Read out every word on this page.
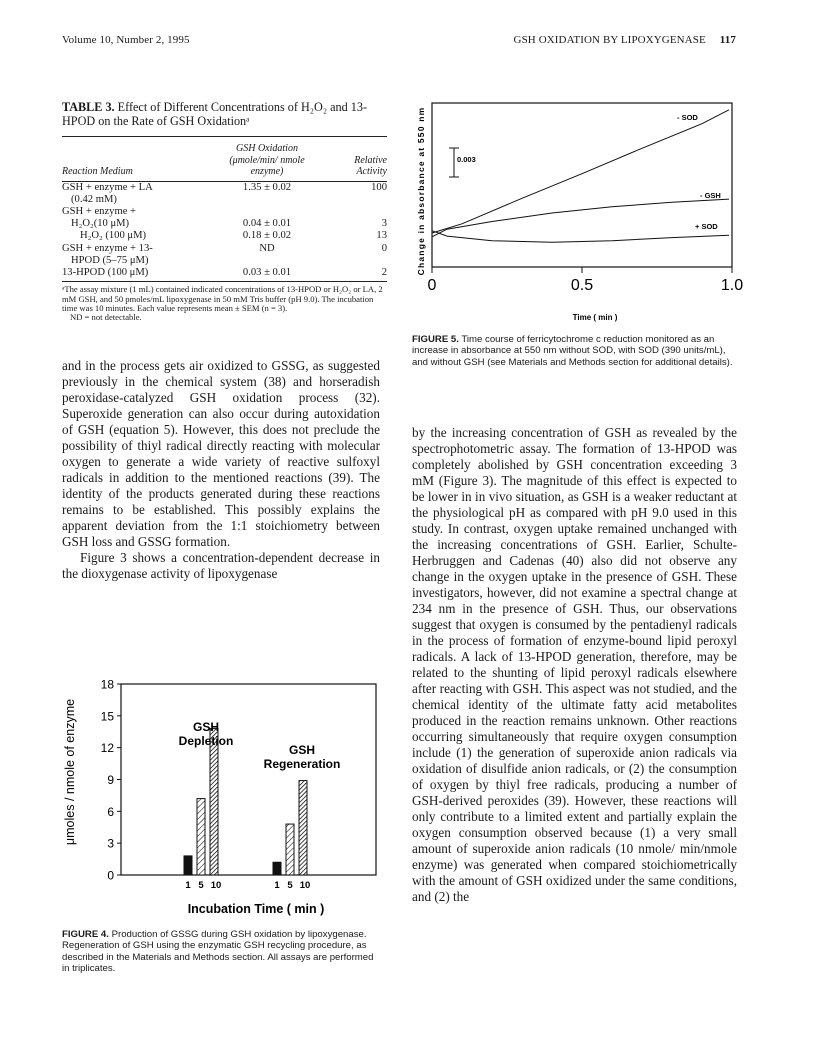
Volume 10, Number 2, 1995	GSH OXIDATION BY LIPOXYGENASE 117
TABLE 3. Effect of Different Concentrations of H₂O₂ and 13-HPOD on the Rate of GSH Oxidationᵃ
Reaction Medium	GSH Oxidation (μmole/min/ nmole enzyme)	Relative Activity
GSH + enzyme + LA	1.35 ± 0.02	100
(0.42 mM)		
GSH + enzyme +		
H₂O₂(10 μM)	0.04 ± 0.01	3
H₂O₂ (100 μM)	0.18 ± 0.02	13
GSH + enzyme + 13-	ND	0
HPOD (5–75 μM)		
13-HPOD (100 μM)	0.03 ± 0.01	2
ᵃThe assay mixture (1 mL) contained indicated concentrations of 13-HPOD or H₂O₂ or LA, 2 mM GSH, and 50 pmoles/mL lipoxygenase in 50 mM Tris buffer (pH 9.0). The incubation time was 10 minutes. Each value represents mean ± SEM (n = 3).
ND = not detectable.

and in the process gets air oxidized to GSSG, as suggested previously in the chemical system (38) and horseradish peroxidase-catalyzed GSH oxidation process (32). Superoxide generation can also occur during autoxidation of GSH (equation 5). However, this does not preclude the possibility of thiyl radical directly reacting with molecular oxygen to generate a wide variety of reactive sulfoxyl radicals in addition to the mentioned reactions (39). The identity of the products generated during these reactions remains to be established. This possibly explains the apparent deviation from the 1:1 stoichiometry between GSH loss and GSSG formation.

Figure 3 shows a concentration-dependent decrease in the dioxygenase activity of lipoxygenase

by the increasing concentration of GSH as revealed by the spectrophotometric assay. The formation of 13-HPOD was completely abolished by GSH concentration exceeding 3 mM (Figure 3). The magnitude of this effect is expected to be lower in in vivo situation, as GSH is a weaker reductant at the physiological pH as compared with pH 9.0 used in this study. In contrast, oxygen uptake remained unchanged with the increasing concentrations of GSH. Earlier, Schulte-Herbruggen and Cadenas (40) also did not observe any change in the oxygen uptake in the presence of GSH. These investigators, however, did not examine a spectral change at 234 nm in the presence of GSH. Thus, our observations suggest that oxygen is consumed by the pentadienyl radicals in the process of formation of enzyme-bound lipid peroxyl radicals. A lack of 13-HPOD generation, therefore, may be related to the shunting of lipid peroxyl radicals elsewhere after reacting with GSH. This aspect was not studied, and the chemical identity of the ultimate fatty acid metabolites produced in the reaction remains unknown. Other reactions occurring simultaneously that require oxygen consumption include (1) the generation of superoxide anion radicals via oxidation of disulfide anion radicals, or (2) the consumption of oxygen by thiyl free radicals, producing a number of GSH-derived peroxides (39). However, these reactions will only contribute to a limited extent and partially explain the oxygen consumption observed because (1) a very small amount of superoxide anion radicals (10 nmole/ min/nmole enzyme) was generated when compared stoichiometrically with the amount of GSH oxidized under the same conditions, and (2) the

Change in absorbance at 550 nm
Time ( min )
0	0.5	1.0
0.003
- SOD
- GSH
+ SOD
FIGURE 5. Time course of ferricytochrome c reduction monitored as an increase in absorbance at 550 nm without SOD, with SOD (390 units/mL), and without GSH (see Materials and Methods section for additional details).
μmoles / nmole of enzyme
Incubation Time ( min )
0
3
6
9
12
15
18
1 5 10
GSH
Depletion
1 5 10
GSH
Regeneration
FIGURE 4. Production of GSSG during GSH oxidation by lipoxygenase. Regeneration of GSH using the enzymatic GSH recycling procedure, as described in the Materials and Methods section. All assays are performed in triplicates.
